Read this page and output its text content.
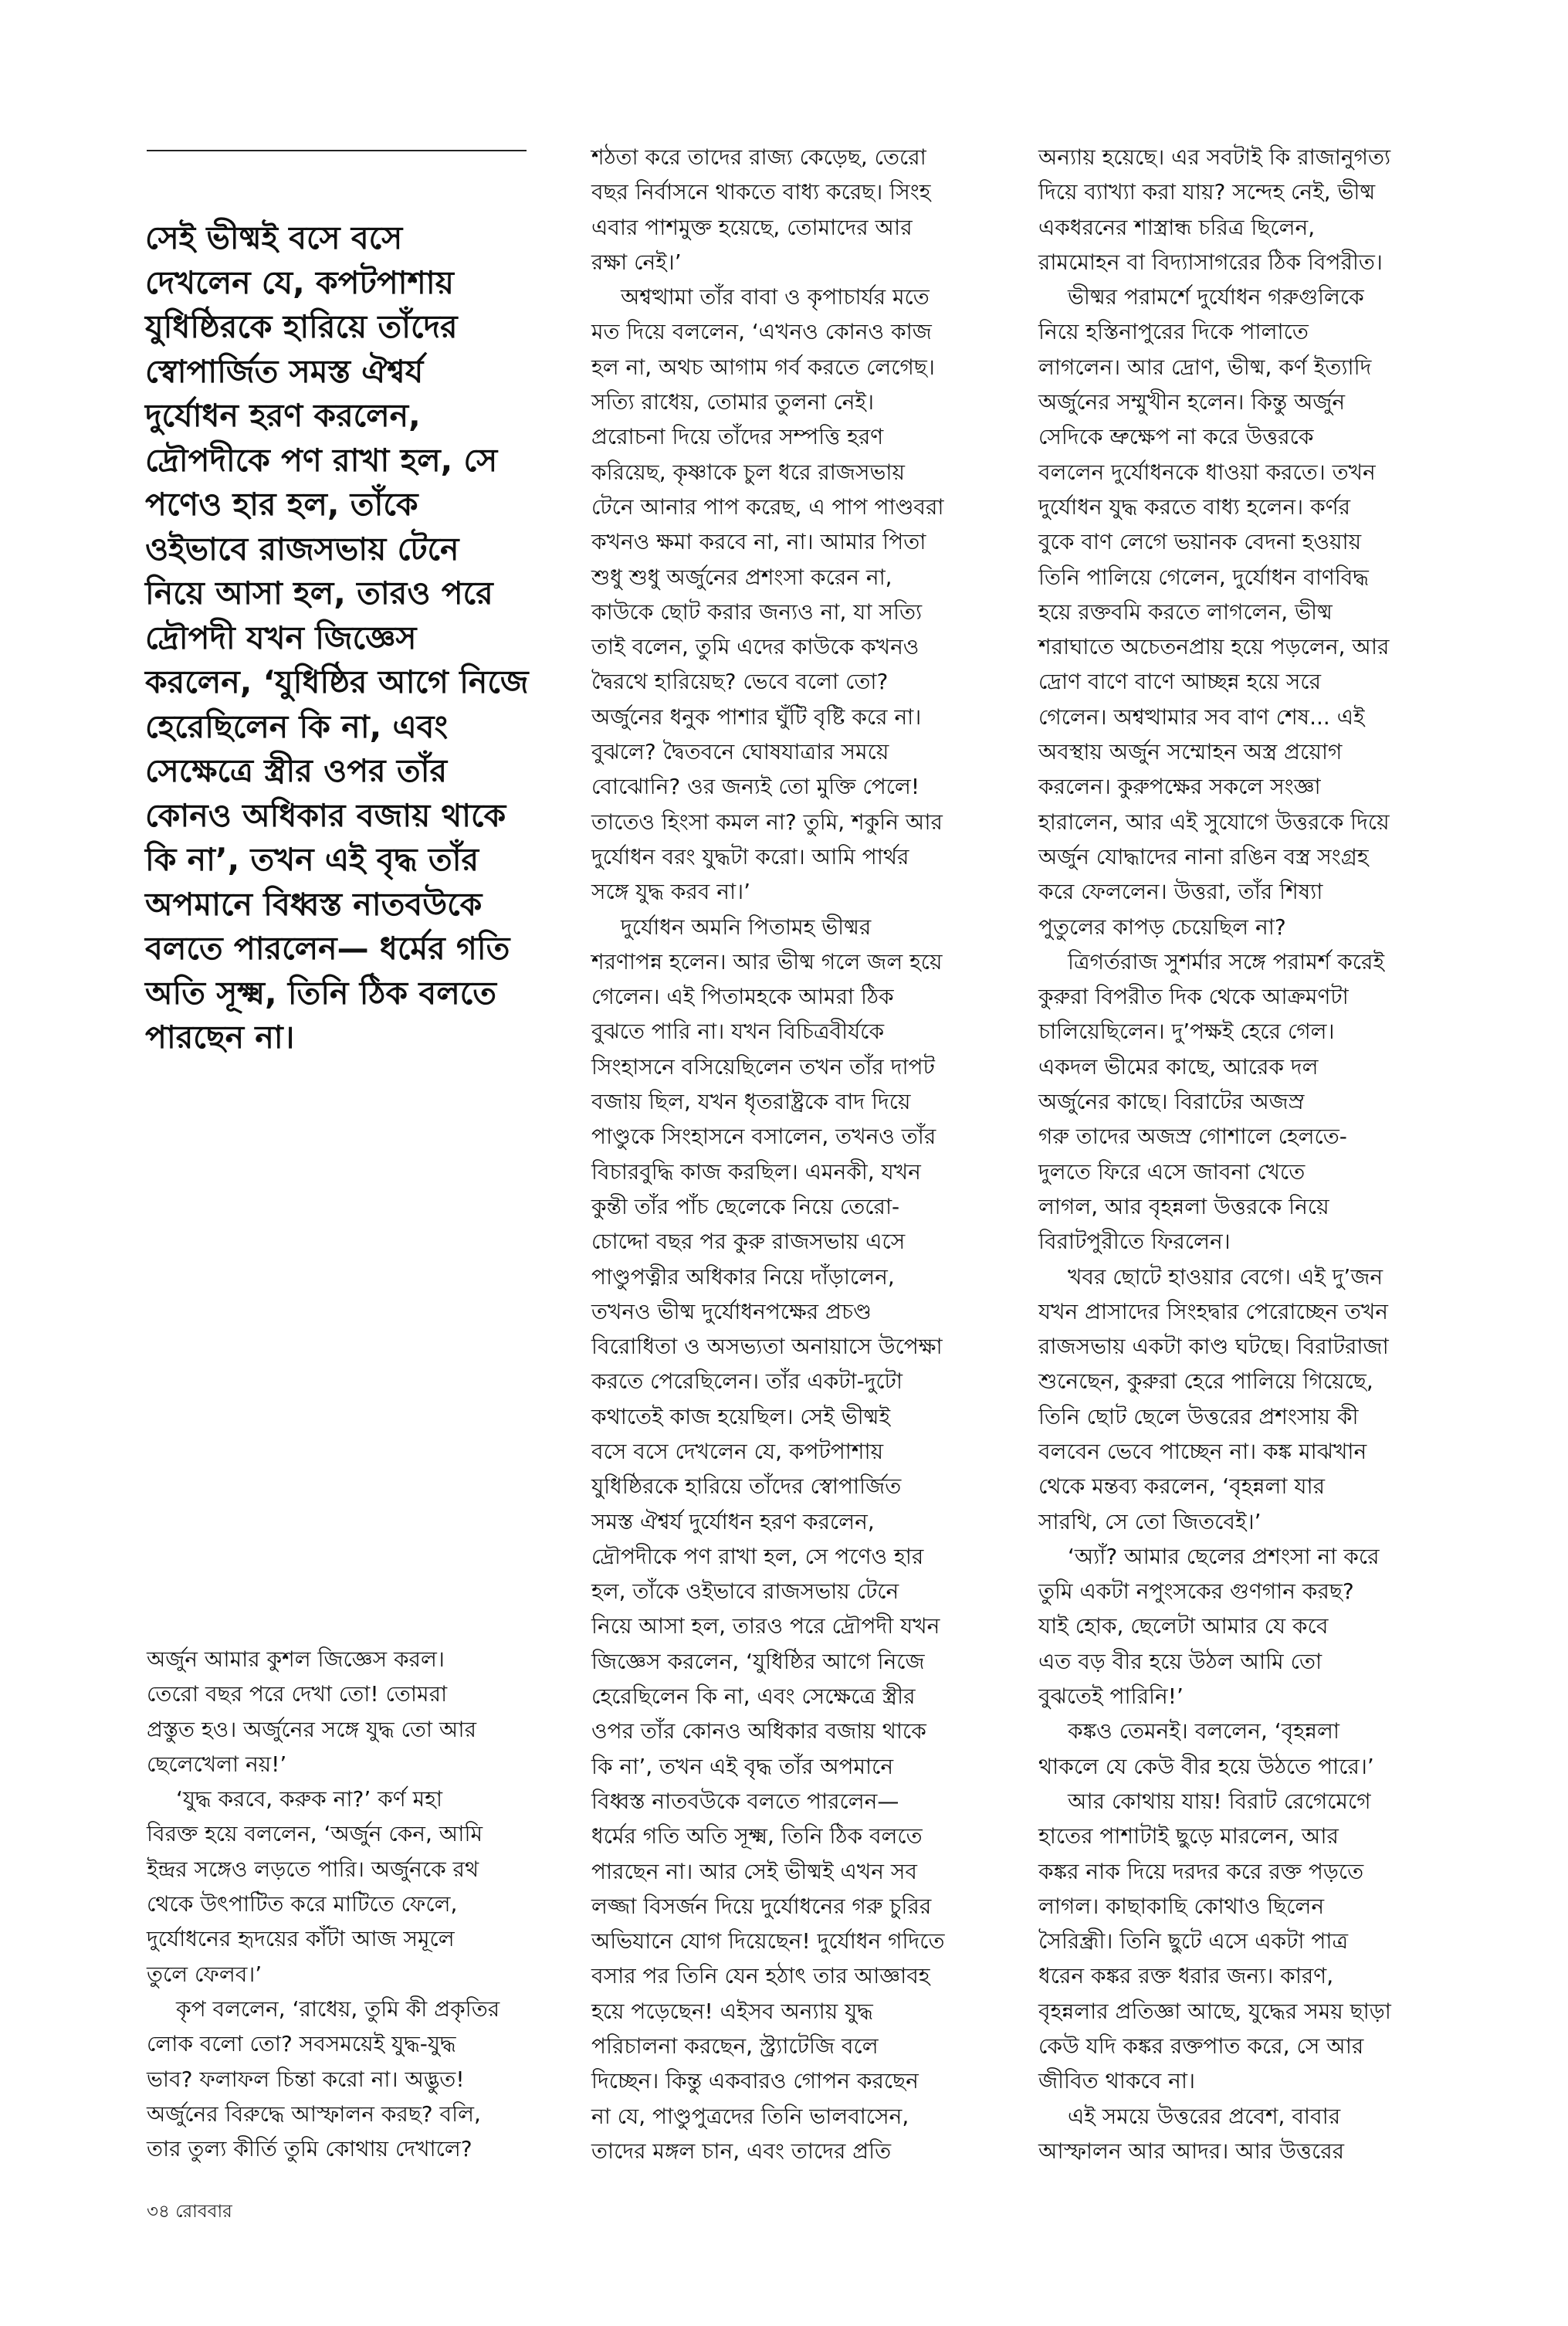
সেই ভীষ্মই বসে বসে
দেখলেন যে, কপটপাশায়
যুধিষ্ঠিরকে হারিয়ে তাঁদের
স্বোপার্জিত সমস্ত ঐশ্বর্য
দুর্যোধন হরণ করলেন,
দ্রৌপদীকে পণ রাখা হল, সে
পণেও হার হল, তাঁকে
ওইভাবে রাজসভায় টেনে
নিয়ে আসা হল, তারও পরে
দ্রৌপদী যখন জিজ্ঞেস
করলেন, ‘যুধিষ্ঠির আগে নিজে
হেরেছিলেন কি না, এবং
সেক্ষেত্রে স্ত্রীর ওপর তাঁর
কোনও অধিকার বজায় থাকে
কি না’, তখন এই বৃদ্ধ তাঁর
অপমানে বিধ্বস্ত নাতবউকে
বলতে পারলেন— ধর্মের গতি
অতি সূক্ষ্ম, তিনি ঠিক বলতে
পারছেন না।
অর্জুন আমার কুশল জিজ্ঞেস করল।
তেরো বছর পরে দেখা তো! তোমরা
প্রস্তুত হও। অর্জুনের সঙ্গে যুদ্ধ তো আর
ছেলেখেলা নয়!’
‘যুদ্ধ করবে, করুক না?’ কর্ণ মহা
বিরক্ত হয়ে বললেন, ‘অর্জুন কেন, আমি
ইন্দ্রর সঙ্গেও লড়তে পারি। অর্জুনকে রথ
থেকে উৎপাটিত করে মাটিতে ফেলে,
দুর্যোধনের হৃদয়ের কাঁটা আজ সমূলে
তুলে ফেলব।’
কৃপ বললেন, ‘রাধেয়, তুমি কী প্রকৃতির
লোক বলো তো? সবসময়েই যুদ্ধ-যুদ্ধ
ভাব? ফলাফল চিন্তা করো না। অদ্ভুত!
অর্জুনের বিরুদ্ধে আস্ফালন করছ? বলি,
তার তুল্য কীর্তি তুমি কোথায় দেখালে?
শঠতা করে তাদের রাজ্য কেড়েছ, তেরো
বছর নির্বাসনে থাকতে বাধ্য করেছ। সিংহ
এবার পাশমুক্ত হয়েছে, তোমাদের আর
রক্ষা নেই।’
অশ্বত্থামা তাঁর বাবা ও কৃপাচার্যর মতে
মত দিয়ে বললেন, ‘এখনও কোনও কাজ
হল না, অথচ আগাম গর্ব করতে লেগেছ।
সত্যি রাধেয়, তোমার তুলনা নেই।
প্ররোচনা দিয়ে তাঁদের সম্পত্তি হরণ
করিয়েছ, কৃষ্ণাকে চুল ধরে রাজসভায়
টেনে আনার পাপ করেছ, এ পাপ পাণ্ডবরা
কখনও ক্ষমা করবে না, না। আমার পিতা
শুধু শুধু অর্জুনের প্রশংসা করেন না,
কাউকে ছোট করার জন্যও না, যা সত্যি
তাই বলেন, তুমি এদের কাউকে কখনও
দ্বৈরথে হারিয়েছ? ভেবে বলো তো?
অর্জুনের ধনুক পাশার ঘুঁটি বৃষ্টি করে না।
বুঝলে? দ্বৈতবনে ঘোষযাত্রার সময়ে
বোঝোনি? ওর জন্যই তো মুক্তি পেলে!
তাতেও হিংসা কমল না? তুমি, শকুনি আর
দুর্যোধন বরং যুদ্ধটা করো। আমি পার্থর
সঙ্গে যুদ্ধ করব না।’
দুর্যোধন অমনি পিতামহ ভীষ্মর
শরণাপন্ন হলেন। আর ভীষ্ম গলে জল হয়ে
গেলেন। এই পিতামহকে আমরা ঠিক
বুঝতে পারি না। যখন বিচিত্রবীর্যকে
সিংহাসনে বসিয়েছিলেন তখন তাঁর দাপট
বজায় ছিল, যখন ধৃতরাষ্ট্রকে বাদ দিয়ে
পাণ্ডুকে সিংহাসনে বসালেন, তখনও তাঁর
বিচারবুদ্ধি কাজ করছিল। এমনকী, যখন
কুন্তী তাঁর পাঁচ ছেলেকে নিয়ে তেরো-
চোদ্দো বছর পর কুরু রাজসভায় এসে
পাণ্ডুপত্নীর অধিকার নিয়ে দাঁড়ালেন,
তখনও ভীষ্ম দুর্যোধনপক্ষের প্রচণ্ড
বিরোধিতা ও অসভ্যতা অনায়াসে উপেক্ষা
করতে পেরেছিলেন। তাঁর একটা-দুটো
কথাতেই কাজ হয়েছিল। সেই ভীষ্মই
বসে বসে দেখলেন যে, কপটপাশায়
যুধিষ্ঠিরকে হারিয়ে তাঁদের স্বোপার্জিত
সমস্ত ঐশ্বর্য দুর্যোধন হরণ করলেন,
দ্রৌপদীকে পণ রাখা হল, সে পণেও হার
হল, তাঁকে ওইভাবে রাজসভায় টেনে
নিয়ে আসা হল, তারও পরে দ্রৌপদী যখন
জিজ্ঞেস করলেন, ‘যুধিষ্ঠির আগে নিজে
হেরেছিলেন কি না, এবং সেক্ষেত্রে স্ত্রীর
ওপর তাঁর কোনও অধিকার বজায় থাকে
কি না’, তখন এই বৃদ্ধ তাঁর অপমানে
বিধ্বস্ত নাতবউকে বলতে পারলেন—
ধর্মের গতি অতি সূক্ষ্ম, তিনি ঠিক বলতে
পারছেন না। আর সেই ভীষ্মই এখন সব
লজ্জা বিসর্জন দিয়ে দুর্যোধনের গরু চুরির
অভিযানে যোগ দিয়েছেন! দুর্যোধন গদিতে
বসার পর তিনি যেন হঠাৎ তার আজ্ঞাবহ
হয়ে পড়েছেন! এইসব অন্যায় যুদ্ধ
পরিচালনা করছেন, স্ট্র্যাটেজি বলে
দিচ্ছেন। কিন্তু একবারও গোপন করছেন
না যে, পাণ্ডুপুত্রদের তিনি ভালবাসেন,
তাদের মঙ্গল চান, এবং তাদের প্রতি
অন্যায় হয়েছে। এর সবটাই কি রাজানুগত্য
দিয়ে ব্যাখ্যা করা যায়? সন্দেহ নেই, ভীষ্ম
একধরনের শাস্ত্রান্ধ চরিত্র ছিলেন,
রামমোহন বা বিদ্যাসাগরের ঠিক বিপরীত।
ভীষ্মর পরামর্শে দুর্যোধন গরুগুলিকে
নিয়ে হস্তিনাপুরের দিকে পালাতে
লাগলেন। আর দ্রোণ, ভীষ্ম, কর্ণ ইত্যাদি
অর্জুনের সম্মুখীন হলেন। কিন্তু অর্জুন
সেদিকে ভ্রুক্ষেপ না করে উত্তরকে
বললেন দুর্যোধনকে ধাওয়া করতে। তখন
দুর্যোধন যুদ্ধ করতে বাধ্য হলেন। কর্ণর
বুকে বাণ লেগে ভয়ানক বেদনা হওয়ায়
তিনি পালিয়ে গেলেন, দুর্যোধন বাণবিদ্ধ
হয়ে রক্তবমি করতে লাগলেন, ভীষ্ম
শরাঘাতে অচেতনপ্রায় হয়ে পড়লেন, আর
দ্রোণ বাণে বাণে আচ্ছন্ন হয়ে সরে
গেলেন। অশ্বত্থামার সব বাণ শেষ... এই
অবস্থায় অর্জুন সম্মোহন অস্ত্র প্রয়োগ
করলেন। কুরুপক্ষের সকলে সংজ্ঞা
হারালেন, আর এই সুযোগে উত্তরকে দিয়ে
অর্জুন যোদ্ধাদের নানা রঙিন বস্ত্র সংগ্রহ
করে ফেললেন। উত্তরা, তাঁর শিষ্যা
পুতুলের কাপড় চেয়েছিল না?
ত্রিগর্তরাজ সুশর্মার সঙ্গে পরামর্শ করেই
কুরুরা বিপরীত দিক থেকে আক্রমণটা
চালিয়েছিলেন। দু’পক্ষই হেরে গেল।
একদল ভীমের কাছে, আরেক দল
অর্জুনের কাছে। বিরাটের অজস্র
গরু তাদের অজস্র গোশালে হেলতে-
দুলতে ফিরে এসে জাবনা খেতে
লাগল, আর বৃহন্নলা উত্তরকে নিয়ে
বিরাটপুরীতে ফিরলেন।
খবর ছোটে হাওয়ার বেগে। এই দু’জন
যখন প্রাসাদের সিংহদ্বার পেরোচ্ছেন তখন
রাজসভায় একটা কাণ্ড ঘটছে। বিরাটরাজা
শুনেছেন, কুরুরা হেরে পালিয়ে গিয়েছে,
তিনি ছোট ছেলে উত্তরের প্রশংসায় কী
বলবেন ভেবে পাচ্ছেন না। কঙ্ক মাঝখান
থেকে মন্তব্য করলেন, ‘বৃহন্নলা যার
সারথি, সে তো জিতবেই।’
‘অ্যাঁ? আমার ছেলের প্রশংসা না করে
তুমি একটা নপুংসকের গুণগান করছ?
যাই হোক, ছেলেটা আমার যে কবে
এত বড় বীর হয়ে উঠল আমি তো
বুঝতেই পারিনি!’
কঙ্কও তেমনই। বললেন, ‘বৃহন্নলা
থাকলে যে কেউ বীর হয়ে উঠতে পারে।’
আর কোথায় যায়! বিরাট রেগেমেগে
হাতের পাশাটাই ছুড়ে মারলেন, আর
কঙ্কর নাক দিয়ে দরদর করে রক্ত পড়তে
লাগল। কাছাকাছি কোথাও ছিলেন
সৈরিন্ধ্রী। তিনি ছুটে এসে একটা পাত্র
ধরেন কঙ্কর রক্ত ধরার জন্য। কারণ,
বৃহন্নলার প্রতিজ্ঞা আছে, যুদ্ধের সময় ছাড়া
কেউ যদি কঙ্কর রক্তপাত করে, সে আর
জীবিত থাকবে না।
এই সময়ে উত্তরের প্রবেশ, বাবার
আস্ফালন আর আদর। আর উত্তরের
৩৪ রোববার
